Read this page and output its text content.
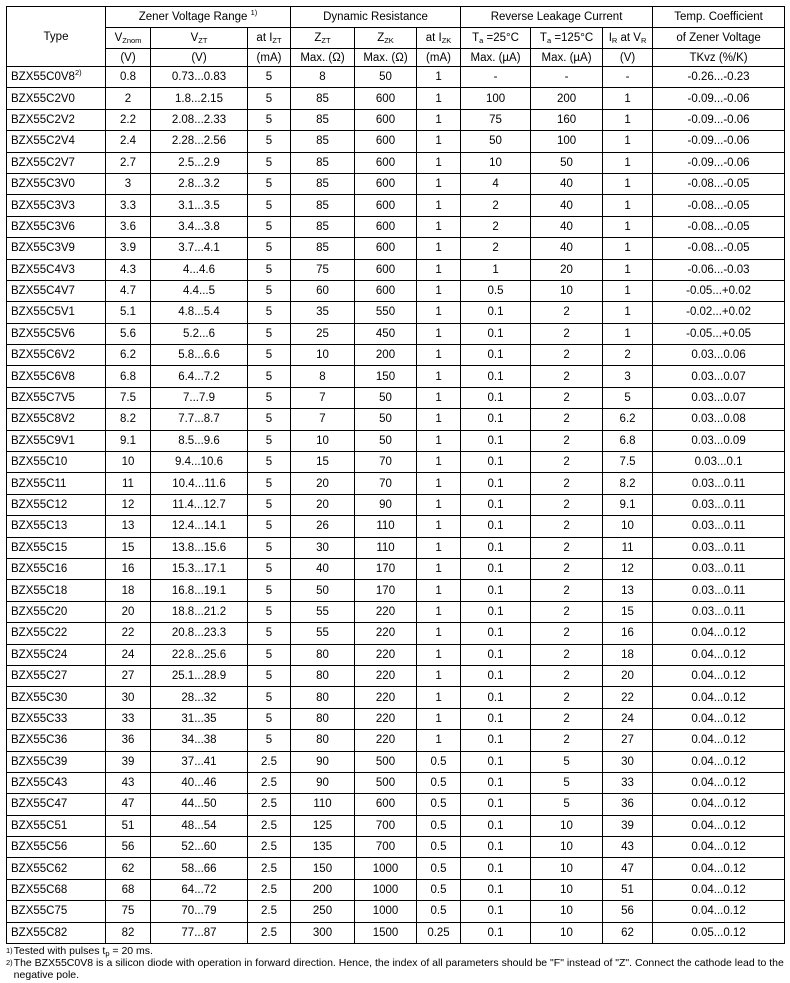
Type	Zener Voltage Range $^{1)}$			Dynamic Resistance			Reverse Leakage Current			Temp. Coefficient
	$V_{Znom}$	$V_{ZT}$	at $I_{ZT}$	$Z_{ZT}$	$Z_{ZK}$	at $I_{ZK}$	$T_a =25^\circ C$	$T_a =125^\circ C$	$I_R$ at $V_R$	of Zener Voltage
	(V)	(V)	(mA)	Max. (Ω)	Max. (Ω)	(mA)	Max. (µA)	Max. (µA)	(V)	TKvz (%/K)
BZX55C0V8$^{2)}$	0.8	0.73...0.83	5	8	50	1	-	-	-	-0.26...-0.23
BZX55C2V0	2	1.8...2.15	5	85	600	1	100	200	1	-0.09...-0.06
BZX55C2V2	2.2	2.08...2.33	5	85	600	1	75	160	1	-0.09...-0.06
BZX55C2V4	2.4	2.28...2.56	5	85	600	1	50	100	1	-0.09...-0.06
BZX55C2V7	2.7	2.5...2.9	5	85	600	1	10	50	1	-0.09...-0.06
BZX55C3V0	3	2.8...3.2	5	85	600	1	4	40	1	-0.08...-0.05
BZX55C3V3	3.3	3.1...3.5	5	85	600	1	2	40	1	-0.08...-0.05
BZX55C3V6	3.6	3.4...3.8	5	85	600	1	2	40	1	-0.08...-0.05
BZX55C3V9	3.9	3.7...4.1	5	85	600	1	2	40	1	-0.08...-0.05
BZX55C4V3	4.3	4...4.6	5	75	600	1	1	20	1	-0.06...-0.03
BZX55C4V7	4.7	4.4...5	5	60	600	1	0.5	10	1	-0.05...+0.02
BZX55C5V1	5.1	4.8...5.4	5	35	550	1	0.1	2	1	-0.02...+0.02
BZX55C5V6	5.6	5.2...6	5	25	450	1	0.1	2	1	-0.05...+0.05
BZX55C6V2	6.2	5.8...6.6	5	10	200	1	0.1	2	2	0.03...0.06
BZX55C6V8	6.8	6.4...7.2	5	8	150	1	0.1	2	3	0.03...0.07
BZX55C7V5	7.5	7...7.9	5	7	50	1	0.1	2	5	0.03...0.07
BZX55C8V2	8.2	7.7...8.7	5	7	50	1	0.1	2	6.2	0.03...0.08
BZX55C9V1	9.1	8.5...9.6	5	10	50	1	0.1	2	6.8	0.03...0.09
BZX55C10	10	9.4...10.6	5	15	70	1	0.1	2	7.5	0.03...0.1
BZX55C11	11	10.4...11.6	5	20	70	1	0.1	2	8.2	0.03...0.11
BZX55C12	12	11.4...12.7	5	20	90	1	0.1	2	9.1	0.03...0.11
BZX55C13	13	12.4...14.1	5	26	110	1	0.1	2	10	0.03...0.11
BZX55C15	15	13.8...15.6	5	30	110	1	0.1	2	11	0.03...0.11
BZX55C16	16	15.3...17.1	5	40	170	1	0.1	2	12	0.03...0.11
BZX55C18	18	16.8...19.1	5	50	170	1	0.1	2	13	0.03...0.11
BZX55C20	20	18.8...21.2	5	55	220	1	0.1	2	15	0.03...0.11
BZX55C22	22	20.8...23.3	5	55	220	1	0.1	2	16	0.04...0.12
BZX55C24	24	22.8...25.6	5	80	220	1	0.1	2	18	0.04...0.12
BZX55C27	27	25.1...28.9	5	80	220	1	0.1	2	20	0.04...0.12
BZX55C30	30	28...32	5	80	220	1	0.1	2	22	0.04...0.12
BZX55C33	33	31...35	5	80	220	1	0.1	2	24	0.04...0.12
BZX55C36	36	34...38	5	80	220	1	0.1	2	27	0.04...0.12
BZX55C39	39	37...41	2.5	90	500	0.5	0.1	5	30	0.04...0.12
BZX55C43	43	40...46	2.5	90	500	0.5	0.1	5	33	0.04...0.12
BZX55C47	47	44...50	2.5	110	600	0.5	0.1	5	36	0.04...0.12
BZX55C51	51	48...54	2.5	125	700	0.5	0.1	10	39	0.04...0.12
BZX55C56	56	52...60	2.5	135	700	0.5	0.1	10	43	0.04...0.12
BZX55C62	62	58...66	2.5	150	1000	0.5	0.1	10	47	0.04...0.12
BZX55C68	68	64...72	2.5	200	1000	0.5	0.1	10	51	0.04...0.12
BZX55C75	75	70...79	2.5	250	1000	0.5	0.1	10	56	0.04...0.12
BZX55C82	82	77...87	2.5	300	1500	0.25	0.1	10	62	0.05...0.12
1) Tested with pulses $t_p = 20$ ms.
2) The BZX55C0V8 is a silicon diode with operation in forward direction. Hence, the index of all parameters should be "F" instead of "Z". Connect the cathode lead to the negative pole.
